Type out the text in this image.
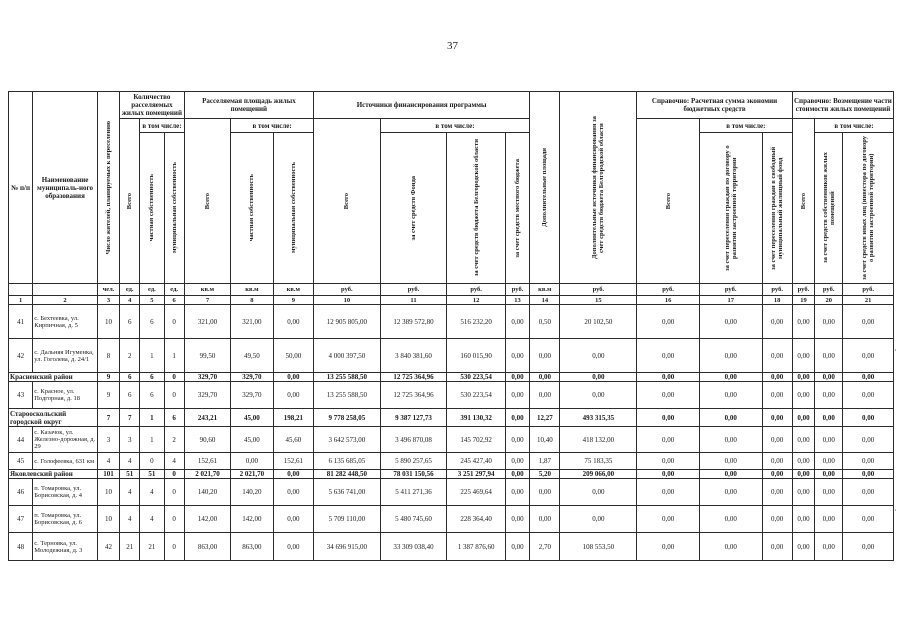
37
№ п/п	Наименование муниципаль-ного образования	Число жителей, планируемых к переселению	Количество расселяемых жилых помещений			Расселяемая площадь жилых помещений			Источники финансирования программы				Дополнительные площади	Дополнительные источники финансирования за счет средств бюджета Белгородской области	Справочно: Расчетная сумма экономии бюджетных средств			Справочно: Возмещение части стоимости жилых помещений		

			Всего	в том числе:		Всего	в том числе:		Всего	в том числе:					Всего	в том числе:		Всего	в том числе:	

				частная собственность	муниципальная собственность		частная собственность	муниципальная собственность		за счет средств Фонда	за счет средств бюджета Белгородской области	за счет средств местного бюджета				за счет переселения граждан по договору о развитии застроенной территории	за счет переселения граждан в свободный муниципальный жилищный фонд		за счет средств собственников жилых помещений	за счет средств иных лиц (инвестора по договору о развитии застроенной территории)

		чел.	ед.	ед.	ед.	кв.м	кв.м	кв.м	руб.	руб.	руб.	руб.	кв.м	руб.	руб.	руб.	руб.	руб.	руб.	руб.
1	2	3	4	5	6	7	8	9	10	11	12	13	14	15	16	17	18	19	20	21
41	с. Бехтеевка, ул. Кирпичная, д. 5	10	6	6	0	321,00	321,00	0,00	12 905 805,00	12 389 572,80	516 232,20	0,00	0,50	20 102,50	0,00	0,00	0,00	0,00	0,00	0,00
42	с. Дальняя Игуменка, ул. Гоголева, д. 24/1	8	2	1	1	99,50	49,50	50,00	4 000 397,50	3 840 381,60	160 015,90	0,00	0,00	0,00	0,00	0,00	0,00	0,00	0,00	0,00
Красненский район		9	6	6	0	329,70	329,70	0,00	13 255 588,50	12 725 364,96	530 223,54	0,00	0,00	0,00	0,00	0,00	0,00	0,00	0,00	0,00
43	с. Красное, ул. Подгорная, д. 18	9	6	6	0	329,70	329,70	0,00	13 255 588,50	12 725 364,96	530 223,54	0,00	0,00	0,00	0,00	0,00	0,00	0,00	0,00	0,00
Старооскольский городской округ		7	7	1	6	243,21	45,00	198,21	9 778 258,05	9 387 127,73	391 130,32	0,00	12,27	493 315,35	0,00	0,00	0,00	0,00	0,00	0,00
44	с. Казачок, ул. Железно-дорожная, д. 29	3	3	1	2	90,60	45,00	45,60	3 642 573,00	3 496 870,08	145 702,92	0,00	10,40	418 132,00	0,00	0,00	0,00	0,00	0,00	0,00
45	с. Голофеевка, 631 км	4	4	0	4	152,61	0,00	152,61	6 135 685,05	5 890 257,65	245 427,40	0,00	1,87	75 183,35	0,00	0,00	0,00	0,00	0,00	0,00
Яковлевский район		101	51	51	0	2 021,70	2 021,70	0,00	81 282 448,50	78 031 150,56	3 251 297,94	0,00	5,20	209 066,00	0,00	0,00	0,00	0,00	0,00	0,00
46	п. Томаровка, ул. Борисовская, д. 4	10	4	4	0	140,20	140,20	0,00	5 636 741,00	5 411 271,36	225 469,64	0,00	0,00	0,00	0,00	0,00	0,00	0,00	0,00	0,00
47	п. Томаровка, ул. Борисовская, д. 6	10	4	4	0	142,00	142,00	0,00	5 709 110,00	5 480 745,60	228 364,40	0,00	0,00	0,00	0,00	0,00	0,00	0,00	0,00	0,00
48	с. Терновка, ул. Молодежная, д. 3	42	21	21	0	863,00	863,00	0,00	34 696 915,00	33 309 038,40	1 387 876,60	0,00	2,70	108 553,50	0,00	0,00	0,00	0,00	0,00	0,00
·
·
